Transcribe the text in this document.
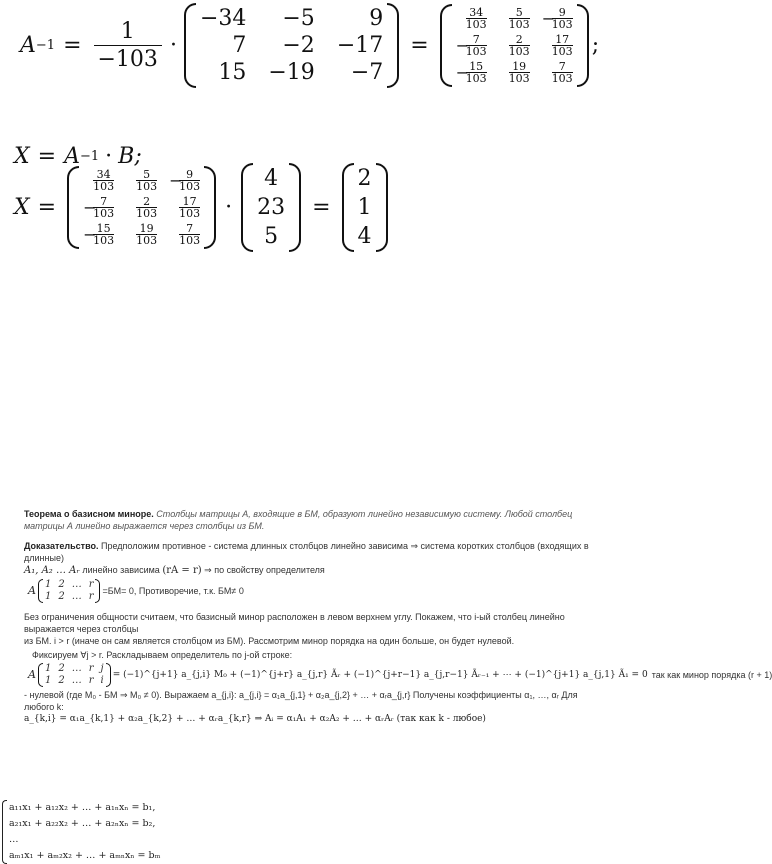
$A -1 = \frac{1}{-103}$ ·
−34 −5 9
7 −2 −17
15 −19 −7
=
$\frac{34}{103} \frac{5}{103}$ −
$\frac{9}{103}$
−
$\frac{7}{103} \frac{2}{103} \frac{17}{103}$
−
$\frac{15}{103} \frac{19}{103} \frac{7}{103}$
;
X = A −1 · B;
X =
$\frac{34}{103} \frac{5}{103}$ −
$\frac{9}{103}$
−
$\frac{7}{103} \frac{2}{103} \frac{17}{103}$
−
$\frac{15}{103} \frac{19}{103} \frac{7}{103}$
·
4
23
5
=
2
1
4
Теорема о базисном миноре. Столбцы матрицы А, входящие в БМ, образуют линейно независимую систему. Любой столбец матрицы А линейно выражается через столбцы из БМ.
Доказательство. Предположим противное - система длинных столбцов линейно зависима ⇒ система коротких столбцов (входящих в длинные)
A₁, A₂ … Aᵣ линейно зависима (rA = r) ⇒ по свойству определителя
A 1 2 … r
1 2 … r =БМ= 0, Противоречие, т.к. БМ≠ 0
Без ограничения общности считаем, что базисный минор расположен в левом верхнем углу. Покажем, что i-ый столбец линейно выражается через столбцы
из БМ. i > r (иначе он сам является столбцом из БМ). Рассмотрим минор порядка на один больше, он будет нулевой.
Фиксируем ∀j > r. Раскладываем определитель по j-ой строке:
A 1 2 … r j
1 2 … r i = (−1)^{j+1} a_{j,i} M₀ + (−1)^{j+r} a_{j,r} Ãᵣ + (−1)^{j+r−1} a_{j,r−1} Ãᵣ₋₁ + ⋯ + (−1)^{j+1} a_{j,1} Ã₁ = 0 так как минор порядка (r + 1)
- нулевой (где M₀ - БМ ⇒ M₀ ≠ 0). Выражаем a_{j,i}: a_{j,i} = α₁a_{j,1} + α₂a_{j,2} + … + αᵣa_{j,r} Получены коэффициенты α₁, …, αᵣ Для любого k:
a_{k,i} = α₁a_{k,1} + α₂a_{k,2} + … + αᵣa_{k,r} ⇒ Aᵢ = α₁A₁ + α₂A₂ + … + αᵣAᵣ (так как k - любое)
a₁₁x₁ + a₁₂x₂ + … + a₁ₙxₙ = b₁,
a₂₁x₁ + a₂₂x₂ + … + a₂ₙxₙ = b₂,
…
aₘ₁x₁ + aₘ₂x₂ + … + aₘₙxₙ = bₘ
